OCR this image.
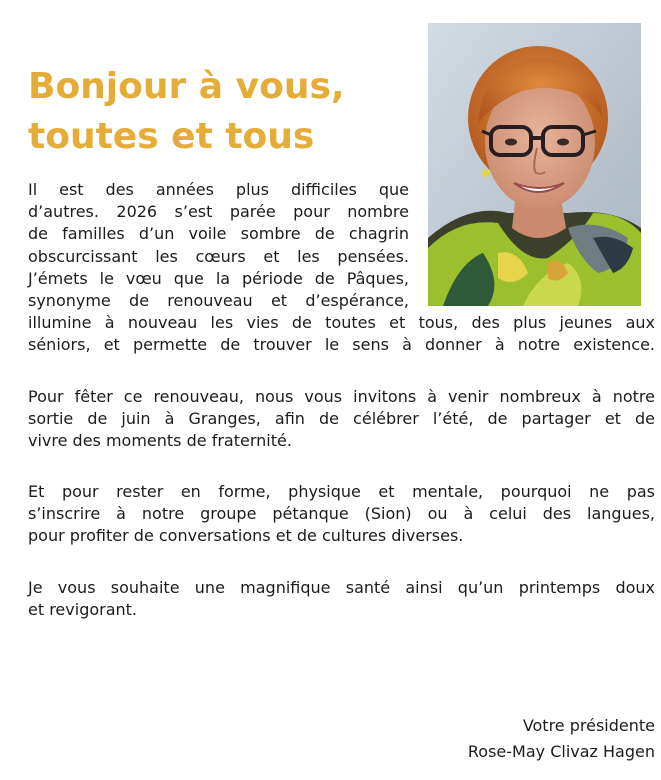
Bonjour à vous,
toutes et tous
Il est des années plus difficiles que
d’autres. 2026 s’est parée pour nombre
de familles d’un voile sombre de chagrin
obscurcissant les cœurs et les pensées.
J’émets le vœu que la période de Pâques,
synonyme de renouveau et d’espérance,
illumine à nouveau les vies de toutes et tous, des plus jeunes aux
séniors, et permette de trouver le sens à donner à notre existence.
Pour fêter ce renouveau, nous vous invitons à venir nombreux à notre
sortie de juin à Granges, afin de célébrer l’été, de partager et de
vivre des moments de fraternité.
Et pour rester en forme, physique et mentale, pourquoi ne pas
s’inscrire à notre groupe pétanque (Sion) ou à celui des langues,
pour profiter de conversations et de cultures diverses.
Je vous souhaite une magnifique santé ainsi qu’un printemps doux
et revigorant.
Votre présidente
Rose-May Clivaz Hagen
